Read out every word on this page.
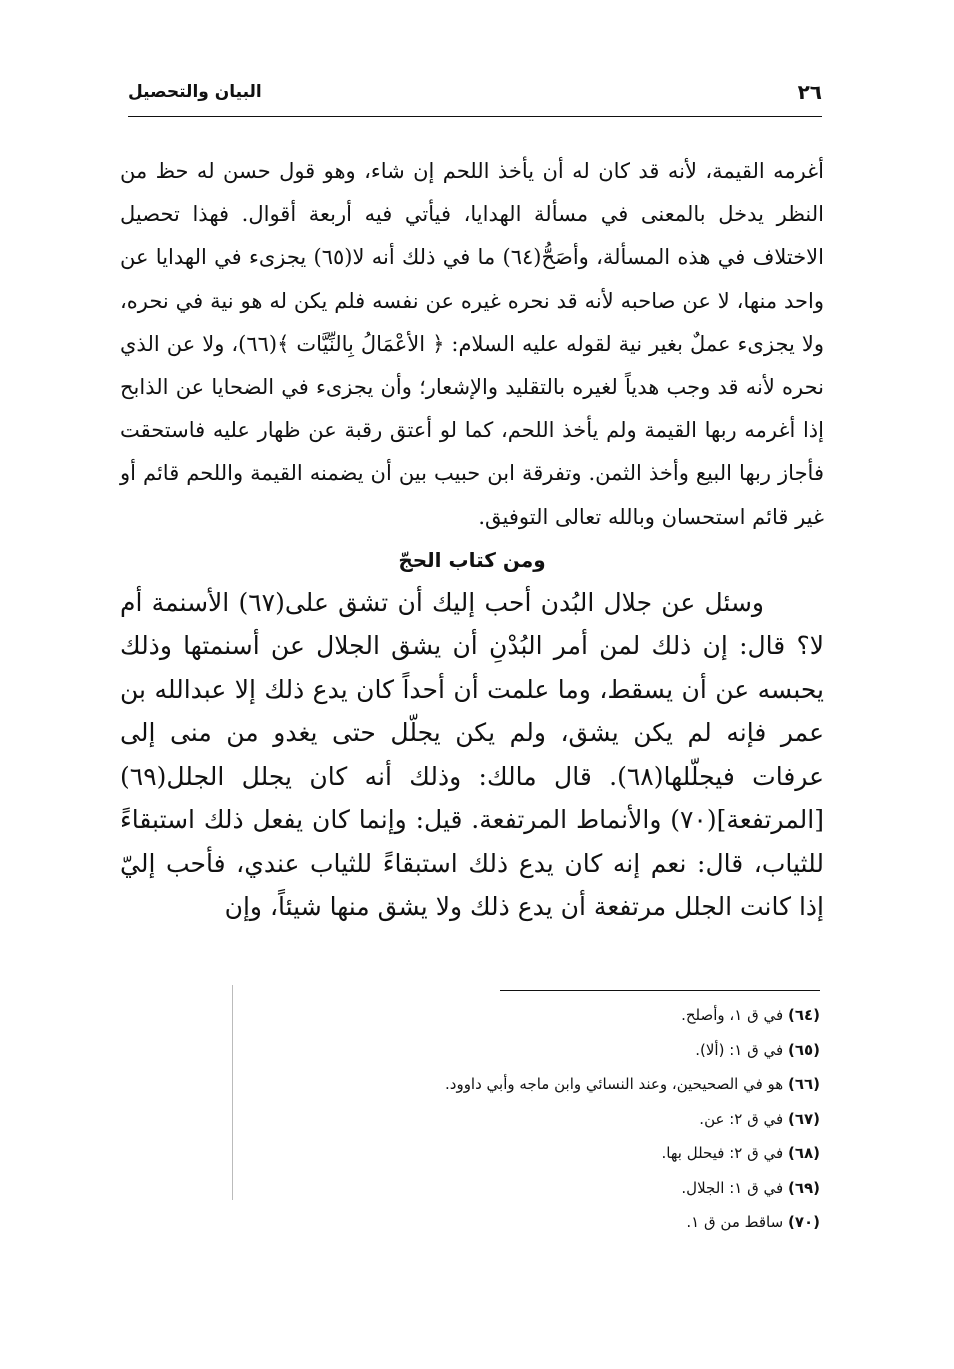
٢٦
البيان والتحصيل

أغرمه القيمة، لأنه قد كان له أن يأخذ اللحم إن شاء، وهو قول حسن له حظ من النظر يدخل بالمعنى في مسألة الهدايا، فيأتي فيه أربعة أقوال. فهذا تحصيل الاختلاف في هذه المسألة، وأصَحُّ(٦٤) ما في ذلك أنه لا(٦٥) يجزىء في الهدايا عن واحد منها، لا عن صاحبه لأنه قد نحره غيره عن نفسه فلم يكن له هو نية في نحره، ولا يجزىء عملٌ بغير نية لقوله عليه السلام: ﴿ الأعْمَالُ بِالنِّيَّات ﴾(٦٦)، ولا عن الذي نحره لأنه قد وجب هدياً لغيره بالتقليد والإشعار؛ وأن يجزىء في الضحايا عن الذابح إذا أغرمه ربها القيمة ولم يأخذ اللحم، كما لو أعتق رقبة عن ظهار عليه فاستحقت فأجاز ربها البيع وأخذ الثمن. وتفرقة ابن حبيب بين أن يضمنه القيمة واللحم قائم أو غير قائم استحسان وبالله تعالى التوفيق.

ومن كتاب الحجّ

وسئل عن جلال البُدن أحب إليك أن تشق على(٦٧) الأسنمة أم لا؟ قال: إن ذلك لمن أمر البُدْنِ أن يشق الجلال عن أسنمتها وذلك يحبسه عن أن يسقط، وما علمت أن أحداً كان يدع ذلك إلا عبدالله بن عمر فإنه لم يكن يشق، ولم يكن يجلّل حتى يغدو من منى إلى عرفات فيجلّلها(٦٨). قال مالك: وذلك أنه كان يجلل الجلل(٦٩) [المرتفعة](٧٠) والأنماط المرتفعة. قيل: وإنما كان يفعل ذلك استبقاءً للثياب، قال: نعم إنه كان يدع ذلك استبقاءً للثياب عندي، فأحب إليّ إذا كانت الجلل مرتفعة أن يدع ذلك ولا يشق منها شيئاً، وإن

(٦٤) في ق ١، وأصلح.
(٦٥) في ق ١: (ألا).
(٦٦) هو في الصحيحين، وعند النسائي وابن ماجه وأبي داوود.
(٦٧) في ق ٢: عن.
(٦٨) في ق ٢: فيحلل بها.
(٦٩) في ق ١: الجلال.
(٧٠) ساقط من ق ١.
